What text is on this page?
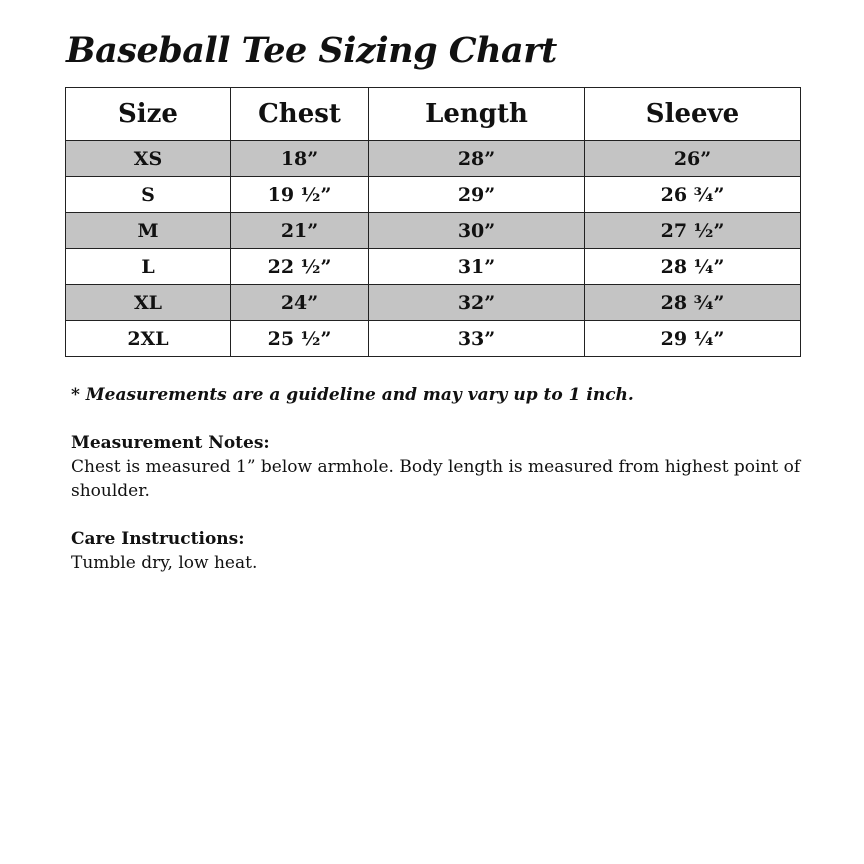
Baseball Tee Sizing Chart
Size	Chest	Length	Sleeve
XS	18”	28”	26”
S	19 ½”	29”	26 ¾”
M	21”	30”	27 ½”
L	22 ½”	31”	28 ¼”
XL	24”	32”	28 ¾”
2XL	25 ½”	33”	29 ¼”

* Measurements are a guideline and may vary up to 1 inch.

Measurement Notes:
Chest is measured 1” below armhole. Body length is measured from highest point of shoulder.
Care Instructions:
Tumble dry, low heat.
